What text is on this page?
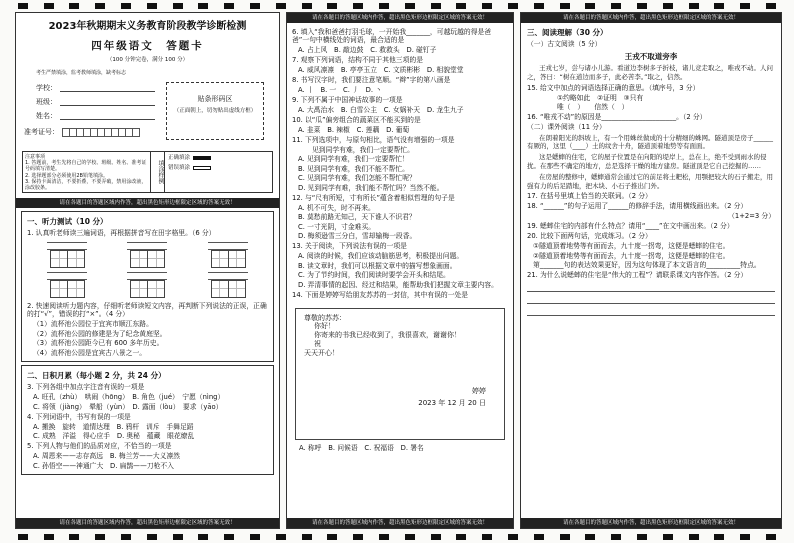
2023年秋期期末义务教育阶段教学诊断检测
四年级语文　答题卡
（100 分钟完卷，满分 100 分）
考生严禁填涂，监考教师填涂，缺考标志
学校：
班级：
姓名：
准考证号：
贴条形码区
（正面朝上，切勿贴出虚线方框）
注意事项
1. 答题前，考生先将自己的学校、班级、姓名、准考证号码填写清楚。
2. 选择题部分必须使用2B铅笔填涂。
3. 保持卡面清洁，不要折叠，不要弄破，禁用涂改液，涂改胶条。
填涂样例
正确填涂
错误填涂
请在各题目的答题区域内作答，超出黑色矩形边框限定区域的答案无效！
一、听力测试（10 分）
1. 认真听老师读三遍词语，再根据拼音写在田字格里。（6 分）
2. 快速阅读听力题内容，仔细听老师读短文内容，再判断下列说法的正误，正确的打“√”，错误的打“×”。（4 分）
（1）流杯池公园位于宜宾市顺江东路。
（2）流杯池公园的修建是为了纪念黄庭坚。
（3）流杯池公园距今已有 600 多年历史。
（4）流杯池公园是宜宾古八景之一。
二、日积月累（每小题 2 分，共 24 分）
3. 下列各组中加点字注音有误的一项是
A. 旺孔（zhù）　哄闹（hōng）　B. 角色（jué）　宁愿（nìng）
C. 将领（jiàng）　晕船（yùn）　D. 露面（lòu）　要求（yāo）
4. 下列词语中，书写有误的一项是
A. 搬换　旋转　道情达理　B. 鸦杆　训斥　手舞足蹈
C. 成熟　洋溢　得心应手　D. 奥秘　蕴藏　眼花缭乱
5. 下列人物与他们的品质对应，不恰当的一项是
A. 周恩来——志存高远　B. 梅兰芳——大义凛然
C. 孙悟空——神通广大　D. 扁鹊——刀枪不入
请在各题目的答题区域内作答，超出黑色矩形边框限定区域的答案无效！
请在各题目的答题区域内作答，超出黑色矩形边框限定区域的答案无效！
6. 填入“我和爸爸打羽毛球，一开始我_______，可越玩越的得是爸爸”一句中横线处的词语，最合适的是
A. 占上风　B. 敲边鼓　C. 救救头　D. 碰钉子
7. 观察下列词语，结构不同于其他三项的是
A. 威风凛凛　B. 亭亭玉立　C. 文质彬彬　D. 相貌堂堂
8. 书写汉字时，我们要注意笔顺。“辫”字的第八画是
A. 丨　B. 一　C. 丿　D. 丶
9. 下列不属于中国神话故事的一项是
A. 大禹治水　B. 白雪公主　C. 女娲补天　D. 龙生九子
10. 以“瓜”偏旁组合的蔬菜区不能买到的是
A. 韭菜　B. 辣椒　C. 莲藕　D. 葡萄
11. 下列选项中，与原句相比，语气没有增强的一项是
见到同学有难，我们一定要帮忙。
A. 见到同学有难，我们一定要帮忙！
B. 见到同学有难，我们不能不帮忙。
C. 见到同学有难，我们怎能不帮忙呢？
D. 见到同学有难，我们能不帮忙吗？当然不能。
12. 与“尺有所短，寸有所长”蕴含着相似哲理的句子是
A. 机不可失，时不再来。
B. 莫愁前路无知己，天下谁人不识君？
C. 一寸光阴，寸金难买。
D. 梅须逊雪三分白，雪却输梅一段香。
13. 关于阅读，下列说法有误的一项是
A. 阅读的时候，我们应该动脑筋思考，积极提出问题。
B. 读文章时，我们可以根据文章中的描写想象画面。
C. 为了节约时间，我们阅读时要学会开头和结尾。
D. 弄清事情的起因、经过和结果，能帮助我们把握文章主要内容。
14. 下面是婷婷写给朋友苏苏的一封信，其中有误的一处是
尊敬的苏苏：
你好！
你寄来的书我已经收到了，我很喜欢，谢谢你！
祝
天天开心！
婷婷
2023 年 12 月 20 日
A. 称呼　B. 问候语　C. 祝福语　D. 署名
请在各题目的答题区域内作答，超出黑色矩形边框限定区域的答案无效！
请在各题目的答题区域内作答，超出黑色矩形边框限定区域的答案无效！
三、阅读理解（30 分）
（一）古文阅读（5 分）
王戎不取道旁李
王戎七岁，尝与诸小儿游。看道边李树多子折枝，诸儿竞走取之，唯戎不动。人问之，答曰：“树在道边而多子，此必苦李。”取之，信然。
15. 给文中加点的词语选择正确的意思。（填序号，3 分）
①约略如此　②证明　③只有
唯（　）　　信然（　）
16. “唯戎不动”的原因是______________________。（2 分）
（二）课外阅读（11 分）
在朗着阳光的斜坡上，有一个用蛛丝做成的十分精细的蛛网。隧道顶是房子______有厥的，这里（____）土的纹舍十舟，隧道顶着地势等有面面。
这是蟋蟀的住宅，它的屋子位置是在向阳的堤岸上，总在上，绝不受到雨水的侵扰。在那些不确定的地方，总是选择干燥的地方建房。隧道顶是它自己挖掘的……
在房屋的整修中，蟋蟀通常会通过它的前足将土耙松，用颚把较大的石子搬走，用强有力的后足踏地，把木块、小石子推出门外。
17. 在括号里填上恰当的关联词。（2 分）
18. “______”的句子运用了______的修辞手法，请用横线画出来。（2 分）
（1+2=3 分）
19. 蟋蟀住宅的内部有什么特点？请用“____”在文中画出来。（2 分）
20. 比较下面两句话，完成练习。（2 分）
①隧道顶着地势等有面而去，九十度一拐弯，这便是蟋蟀的住宅。
②隧道顶着地势等有面而去，九十度一拐弯，这便是蟋蟀的住宅。
第_______句的表达效果更好，因为这句体现了本文语言的__________特点。
21. 为什么说蟋蟀的住宅是“伟大的工程”？请联系课文内容作答。（2 分）
请在各题目的答题区域内作答，超出黑色矩形边框限定区域的答案无效！
